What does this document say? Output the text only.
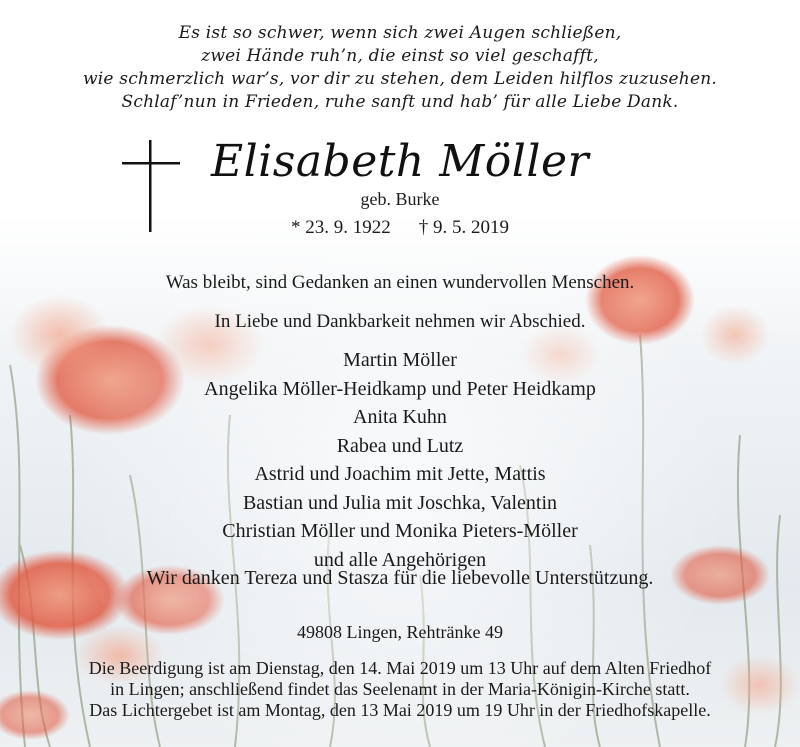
Es ist so schwer, wenn sich zwei Augen schließen,
zwei Hände ruh’n, die einst so viel geschafft,
wie schmerzlich war’s, vor dir zu stehen, dem Leiden hilflos zuzusehen.
Schlaf’nun in Frieden, ruhe sanft und hab’ für alle Liebe Dank.
Elisabeth Möller
geb. Burke
* 23. 9. 1922 † 9. 5. 2019
Was bleibt, sind Gedanken an einen wundervollen Menschen.
In Liebe und Dankbarkeit nehmen wir Abschied.
Martin Möller
Angelika Möller-Heidkamp und Peter Heidkamp
Anita Kuhn
Rabea und Lutz
Astrid und Joachim mit Jette, Mattis
Bastian und Julia mit Joschka, Valentin
Christian Möller und Monika Pieters-Möller
und alle Angehörigen
Wir danken Tereza und Stasza für die liebevolle Unterstützung.
49808 Lingen, Rehtränke 49
Die Beerdigung ist am Dienstag, den 14. Mai 2019 um 13 Uhr auf dem Alten Friedhof
in Lingen; anschließend findet das Seelenamt in der Maria-Königin-Kirche statt.
Das Lichtergebet ist am Montag, den 13 Mai 2019 um 19 Uhr in der Friedhofskapelle.
